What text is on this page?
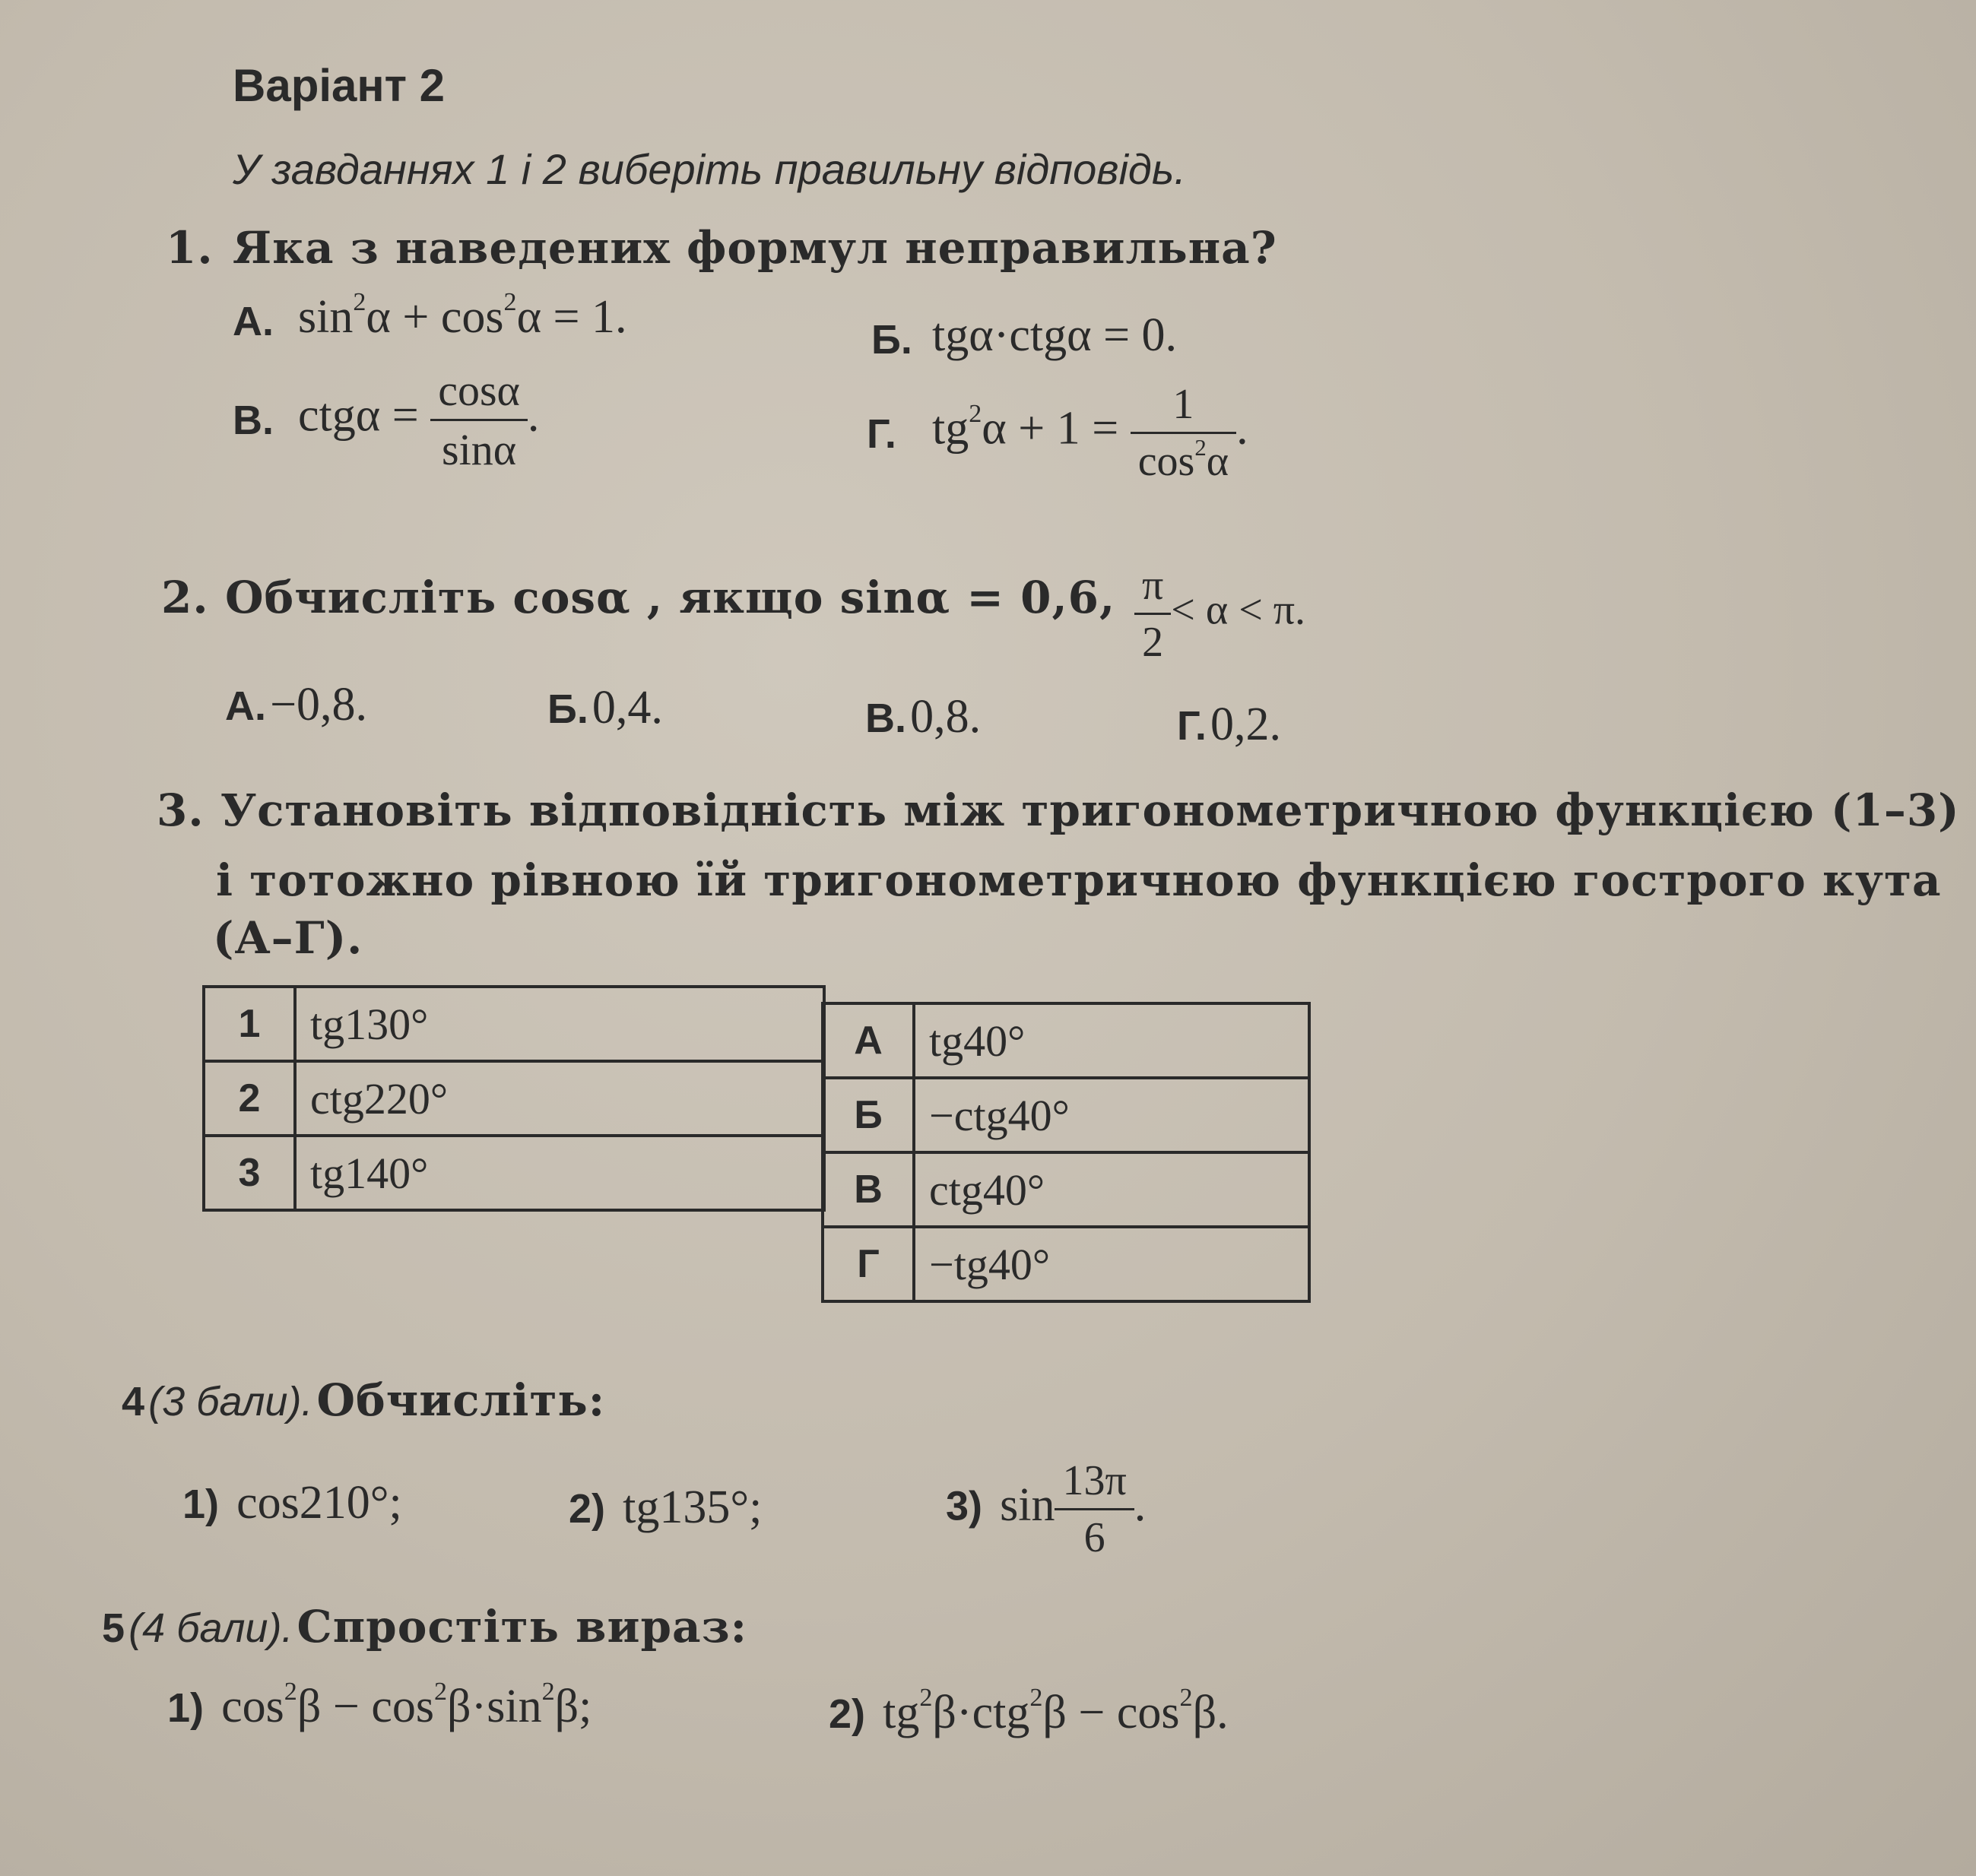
Варіант 2
У завданнях 1 і 2 виберіть правильну відповідь.
1. Яка з наведених формул неправильна?
А. $\sin^2\alpha + \cos^2\alpha = 1$.	Б. tgα·ctgα = 0.
В. $ctg\alpha = \frac{\cos\alpha}{\sin\alpha}$ .	Г. $tg^2\alpha + 1 = \frac{1}{\cos^2\alpha}$ .
2. Обчисліть cosα , якщо sinα = 0,6, $\frac{\pi}{2} < \alpha < \pi$.
А. −0,8.	Б. 0,4.	В. 0,8.	Г. 0,2.
3. Установіть відповідність між тригонометричною функцією (1–3)
і тотожно рівною їй тригонометричною функцією гострого кута
(А–Г).
1	tg130°
2	ctg220°
3	tg140°
А	tg40°
Б	−ctg40°
В	ctg40°
Г	−tg40°
4 (3 бали). Обчисліть:
1) cos210°;	2) tg135°;	3) $\sin \frac{13\pi}{6}$ .
5 (4 бали). Спростіть вираз:
1) $\cos^2\beta - \cos^2\beta\cdot\sin^2\beta$;	2) $tg^2\beta\cdot ctg^2\beta - \cos^2\beta$.
